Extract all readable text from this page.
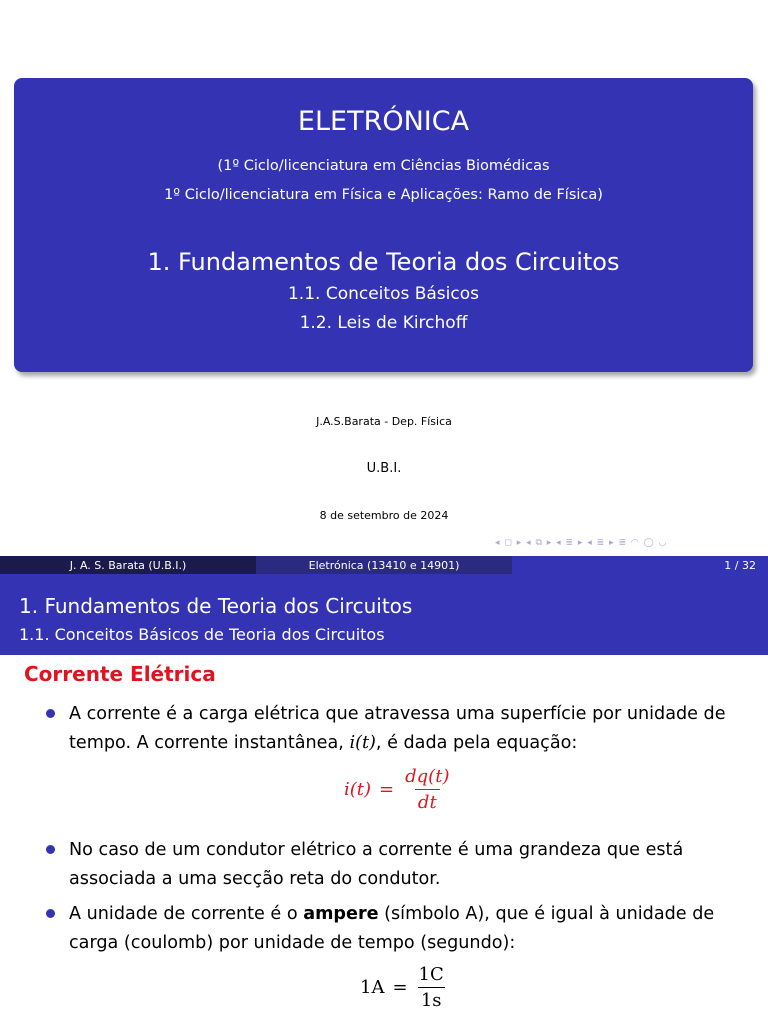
ELETRÓNICA
(1º Ciclo/licenciatura em Ciências Biomédicas
1º Ciclo/licenciatura em Física e Aplicações: Ramo de Física)
1. Fundamentos de Teoria dos Circuitos
1.1. Conceitos Básicos
1.2. Leis de Kirchoff
J.A.S.Barata - Dep. Física
U.B.I.
8 de setembro de 2024
◂ ◻ ▸ ◂ ⧉ ▸ ◂ ≣ ▸ ◂ ≣ ▸ ≣ ◠ ◯ ◡
J. A. S. Barata (U.B.I.)	Eletrónica (13410 e 14901)	1 / 32
1. Fundamentos de Teoria dos Circuitos
1.1. Conceitos Básicos de Teoria dos Circuitos
Corrente Elétrica
A corrente é a carga elétrica que atravessa uma superfície por unidade de tempo. A corrente instantânea, i(t), é dada pela equação:
$i(t) = \frac{dq(t)}{dt}$
No caso de um condutor elétrico a corrente é uma grandeza que está associada a uma secção reta do condutor.
A unidade de corrente é o ampere (símbolo A), que é igual à unidade de carga (coulomb) por unidade de tempo (segundo):
$1A = \frac{1C}{1s}$
